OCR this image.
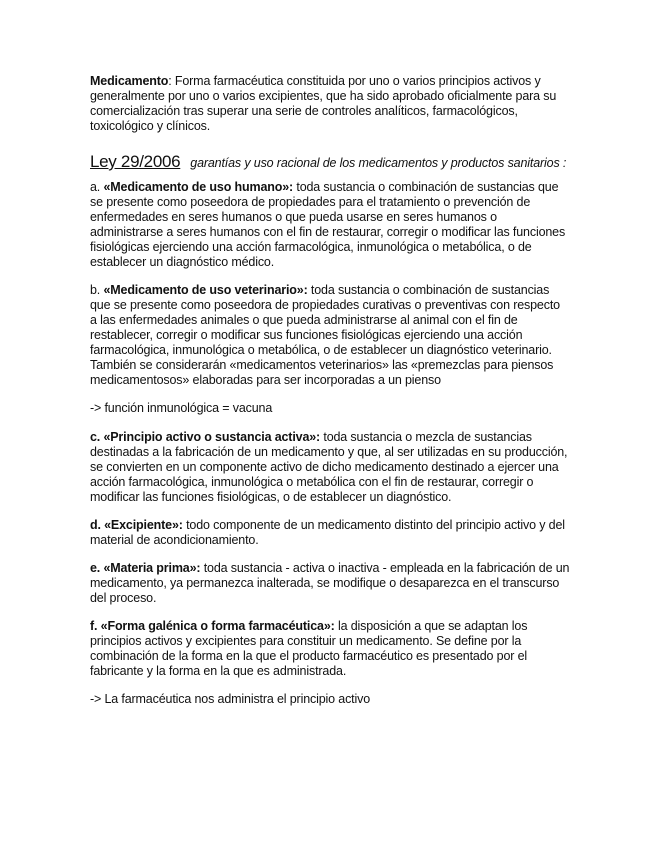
Medicamento: Forma farmacéutica constituida por uno o varios principios activos y generalmente por uno o varios excipientes, que ha sido aprobado oficialmente para su comercialización tras superar una serie de controles analíticos, farmacológicos, toxicológico y clínicos.

Ley 29/2006 garantías y uso racional de los medicamentos y productos sanitarios :

a. «Medicamento de uso humano»: toda sustancia o combinación de sustancias que se presente como poseedora de propiedades para el tratamiento o prevención de enfermedades en seres humanos o que pueda usarse en seres humanos o administrarse a seres humanos con el fin de restaurar, corregir o modificar las funciones fisiológicas ejerciendo una acción farmacológica, inmunológica o metabólica, o de establecer un diagnóstico médico.

b. «Medicamento de uso veterinario»: toda sustancia o combinación de sustancias que se presente como poseedora de propiedades curativas o preventivas con respecto a las enfermedades animales o que pueda administrarse al animal con el fin de restablecer, corregir o modificar sus funciones fisiológicas ejerciendo una acción farmacológica, inmunológica o metabólica, o de establecer un diagnóstico veterinario. También se considerarán «medicamentos veterinarios» las «premezclas para piensos medicamentosos» elaboradas para ser incorporadas a un pienso

-> función inmunológica = vacuna

c. «Principio activo o sustancia activa»: toda sustancia o mezcla de sustancias destinadas a la fabricación de un medicamento y que, al ser utilizadas en su producción, se convierten en un componente activo de dicho medicamento destinado a ejercer una acción farmacológica, inmunológica o metabólica con el fin de restaurar, corregir o modificar las funciones fisiológicas, o de establecer un diagnóstico.

d. «Excipiente»: todo componente de un medicamento distinto del principio activo y del material de acondicionamiento.

e. «Materia prima»: toda sustancia - activa o inactiva - empleada en la fabricación de un medicamento, ya permanezca inalterada, se modifique o desaparezca en el transcurso del proceso.

f. «Forma galénica o forma farmacéutica»: la disposición a que se adaptan los principios activos y excipientes para constituir un medicamento. Se define por la combinación de la forma en la que el producto farmacéutico es presentado por el fabricante y la forma en la que es administrada.

-> La farmacéutica nos administra el principio activo
